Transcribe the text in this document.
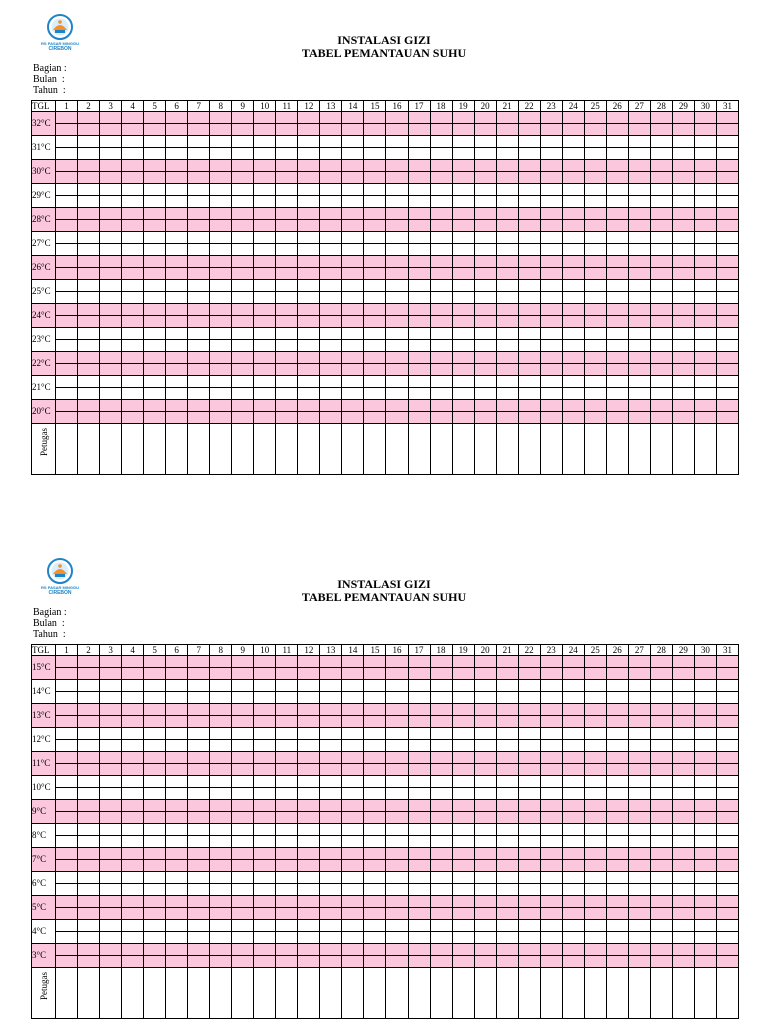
RS PASAR MINGGU
CIREBON
INSTALASI GIZI
TABEL PEMANTAUAN SUHU
Bagian :
Bulan  :
Tahun  :
TGL	1	2	3	4	5	6	7	8	9	10	11	12	13	14	15	16	17	18	19	20	21	22	23	24	25	26	27	28	29	30	31
32°C																															

31°C																															

30°C																															

29°C																															

28°C																															

27°C																															

26°C																															

25°C																															

24°C																															

23°C																															

22°C																															

21°C																															

20°C																															

Petugas																															

RS PASAR MINGGU
CIREBON
INSTALASI GIZI
TABEL PEMANTAUAN SUHU
Bagian :
Bulan  :
Tahun  :
TGL	1	2	3	4	5	6	7	8	9	10	11	12	13	14	15	16	17	18	19	20	21	22	23	24	25	26	27	28	29	30	31
15°C																															

14°C																															

13°C																															

12°C																															

11°C																															

10°C																															

9°C																															

8°C																															

7°C																															

6°C																															

5°C																															

4°C																															

3°C																															

Petugas																															
